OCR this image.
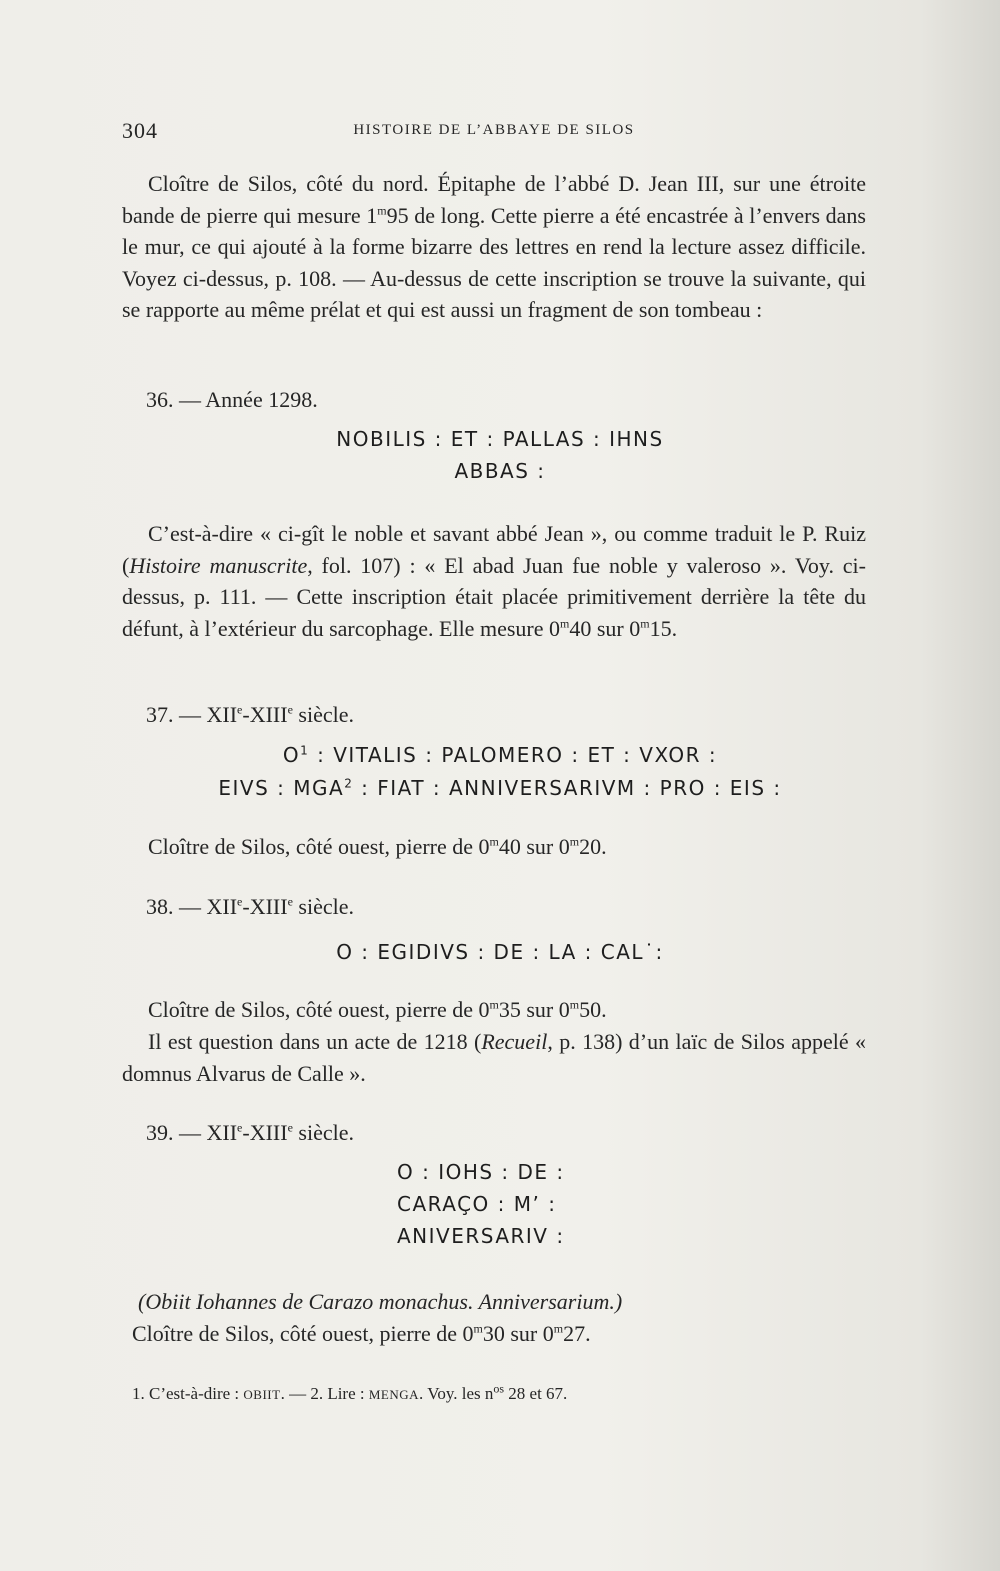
304	HISTOIRE DE L’ABBAYE DE SILOS

Cloître de Silos, côté du nord. Épitaphe de l’abbé D. Jean III, sur une étroite bande de pierre qui mesure 1$^m$95 de long. Cette pierre a été encastrée à l’envers dans le mur, ce qui ajouté à la forme bizarre des lettres en rend la lecture assez difficile. Voyez ci-dessus, p. 108. — Au-dessus de cette inscription se trouve la suivante, qui se rapporte au même prélat et qui est aussi un fragment de son tombeau :

36. — Année 1298.
NOBILIS : ET : PALLAS : IHNS
ABBAS :

C’est-à-dire « ci-gît le noble et savant abbé Jean », ou comme traduit le P. Ruiz (Histoire manuscrite, fol. 107) : « El abad Juan fue noble y valeroso ». Voy. ci-dessus, p. 111. — Cette inscription était placée primitivement derrière la tête du défunt, à l’extérieur du sarcophage. Elle mesure 0$^m$40 sur 0$^m$15.

37. — XIIe-XIIIe siècle.
$O^1$ : VITALIS : PALOMERO : ET : VXOR :
EIVS : MGA$^2$ : FIAT : ANNIVERSARIVM : PRO : EIS :

Cloître de Silos, côté ouest, pierre de 0$^m$40 sur 0$^m$20.

38. — XIIe-XIIIe siècle.
O : EGIDIVS : DE : LA : CAL˙:

Cloître de Silos, côté ouest, pierre de 0$^m$35 sur 0$^m$50.

Il est question dans un acte de 1218 (Recueil, p. 138) d’un laïc de Silos appelé « domnus Alvarus de Calle ».

39. — XIIe-XIIIe siècle.
O : IOHS : DE :
CARAÇO : M’ :
ANIVERSARIV :

(Obiit Iohannes de Carazo monachus. Anniversarium.)

Cloître de Silos, côté ouest, pierre de 0$^m$30 sur 0$^m$27.

1. C’est-à-dire : OBIIT. — 2. Lire : MENGA. Voy. les $n^{os}$ 28 et 67.
